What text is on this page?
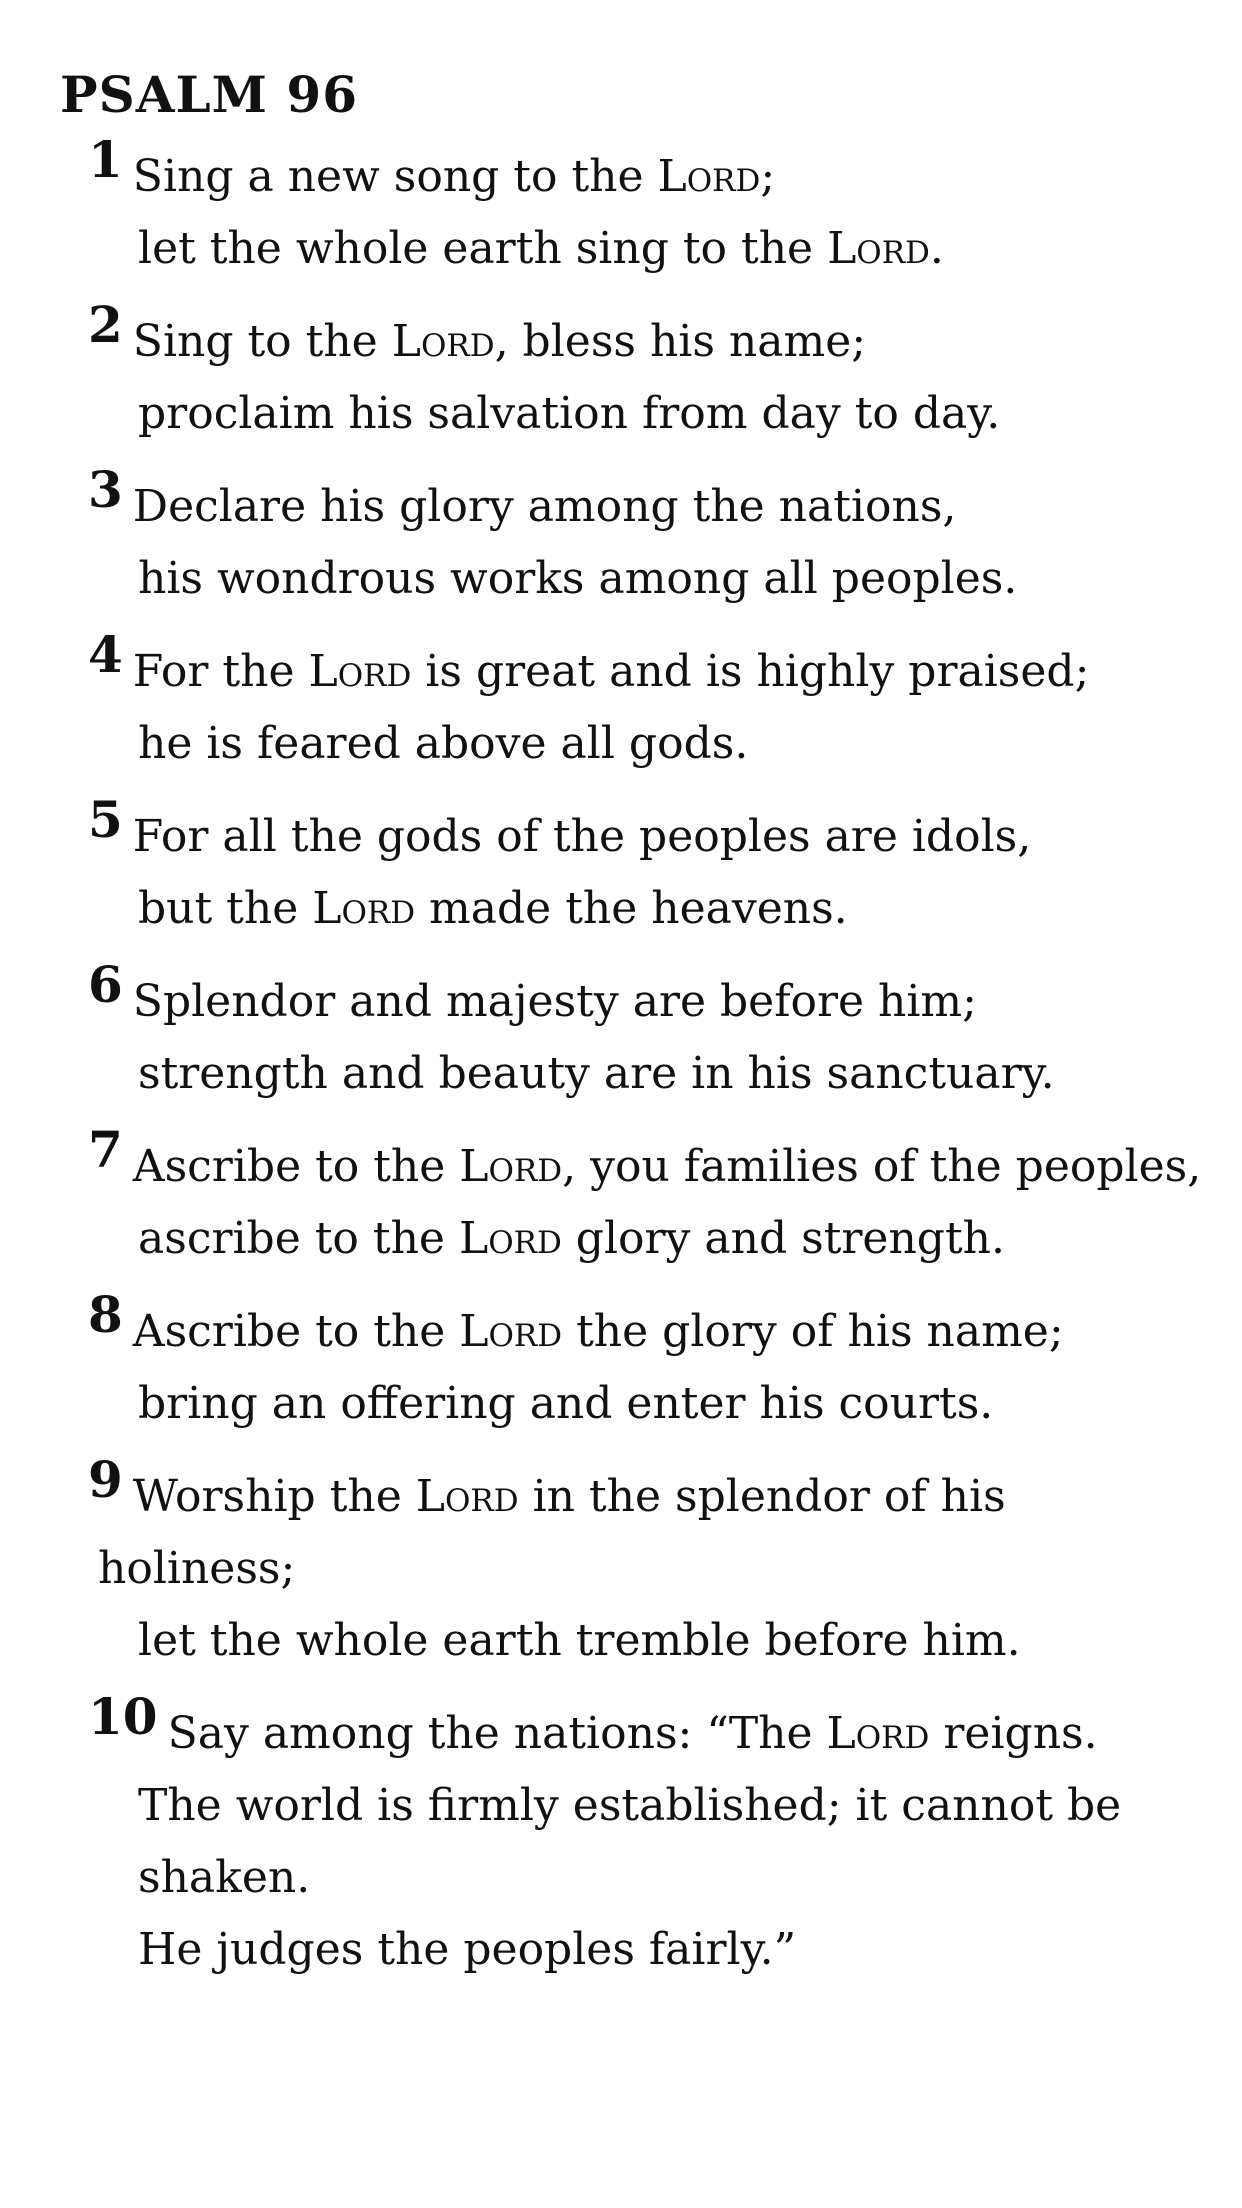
PSALM 96

1 Sing a new song to the Lord;
let the whole earth sing to the Lord.

2 Sing to the Lord, bless his name;
proclaim his salvation from day to day.

3 Declare his glory among the nations,
his wondrous works among all peoples.

4 For the Lord is great and is highly praised;
he is feared above all gods.

5 For all the gods of the peoples are idols,
but the Lord made the heavens.

6 Splendor and majesty are before him;
strength and beauty are in his sanctuary.

7 Ascribe to the Lord, you families of the peoples,
ascribe to the Lord glory and strength.

8 Ascribe to the Lord the glory of his name;
bring an offering and enter his courts.

9 Worship the Lord in the splendor of his holiness;
let the whole earth tremble before him.

10 Say among the nations: “The Lord reigns.
The world is firmly established; it cannot be shaken.
He judges the peoples fairly.”
